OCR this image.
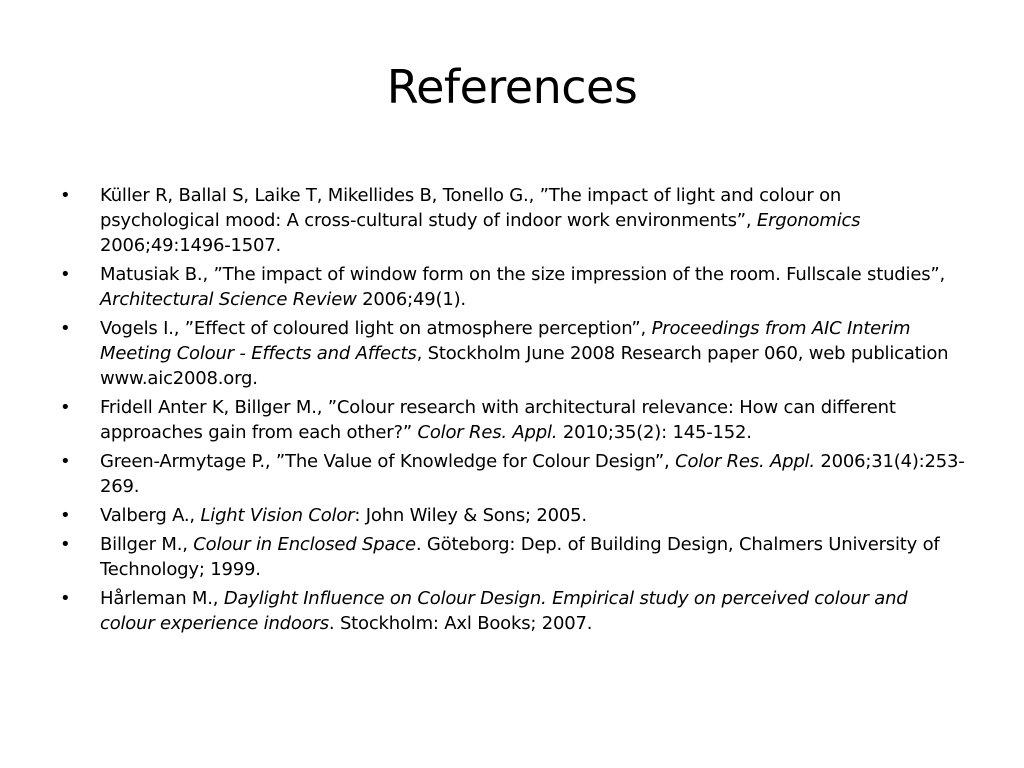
References
•	Küller R, Ballal S, Laike T, Mikellides B, Tonello G., ”The impact of light and colour on psychological mood: A cross-cultural study of indoor work environments”, Ergonomics 2006;49:1496-1507.
•	Matusiak B., ”The impact of window form on the size impression of the room. Fullscale studies”, Architectural Science Review 2006;49(1).
•	Vogels I., ”Effect of coloured light on atmosphere perception”, Proceedings from AIC Interim Meeting Colour - Effects and Affects, Stockholm June 2008 Research paper 060, web publication www.aic2008.org.
•	Fridell Anter K, Billger M., ”Colour research with architectural relevance: How can different approaches gain from each other?” Color Res. Appl. 2010;35(2): 145-152.
•	Green-Armytage P., ”The Value of Knowledge for Colour Design”, Color Res. Appl. 2006;31(4):253-269.
•	Valberg A., Light Vision Color: John Wiley & Sons; 2005.
•	Billger M., Colour in Enclosed Space. Göteborg: Dep. of Building Design, Chalmers University of Technology; 1999.
•	Hårleman M., Daylight Influence on Colour Design. Empirical study on perceived colour and colour experience indoors. Stockholm: Axl Books; 2007.
